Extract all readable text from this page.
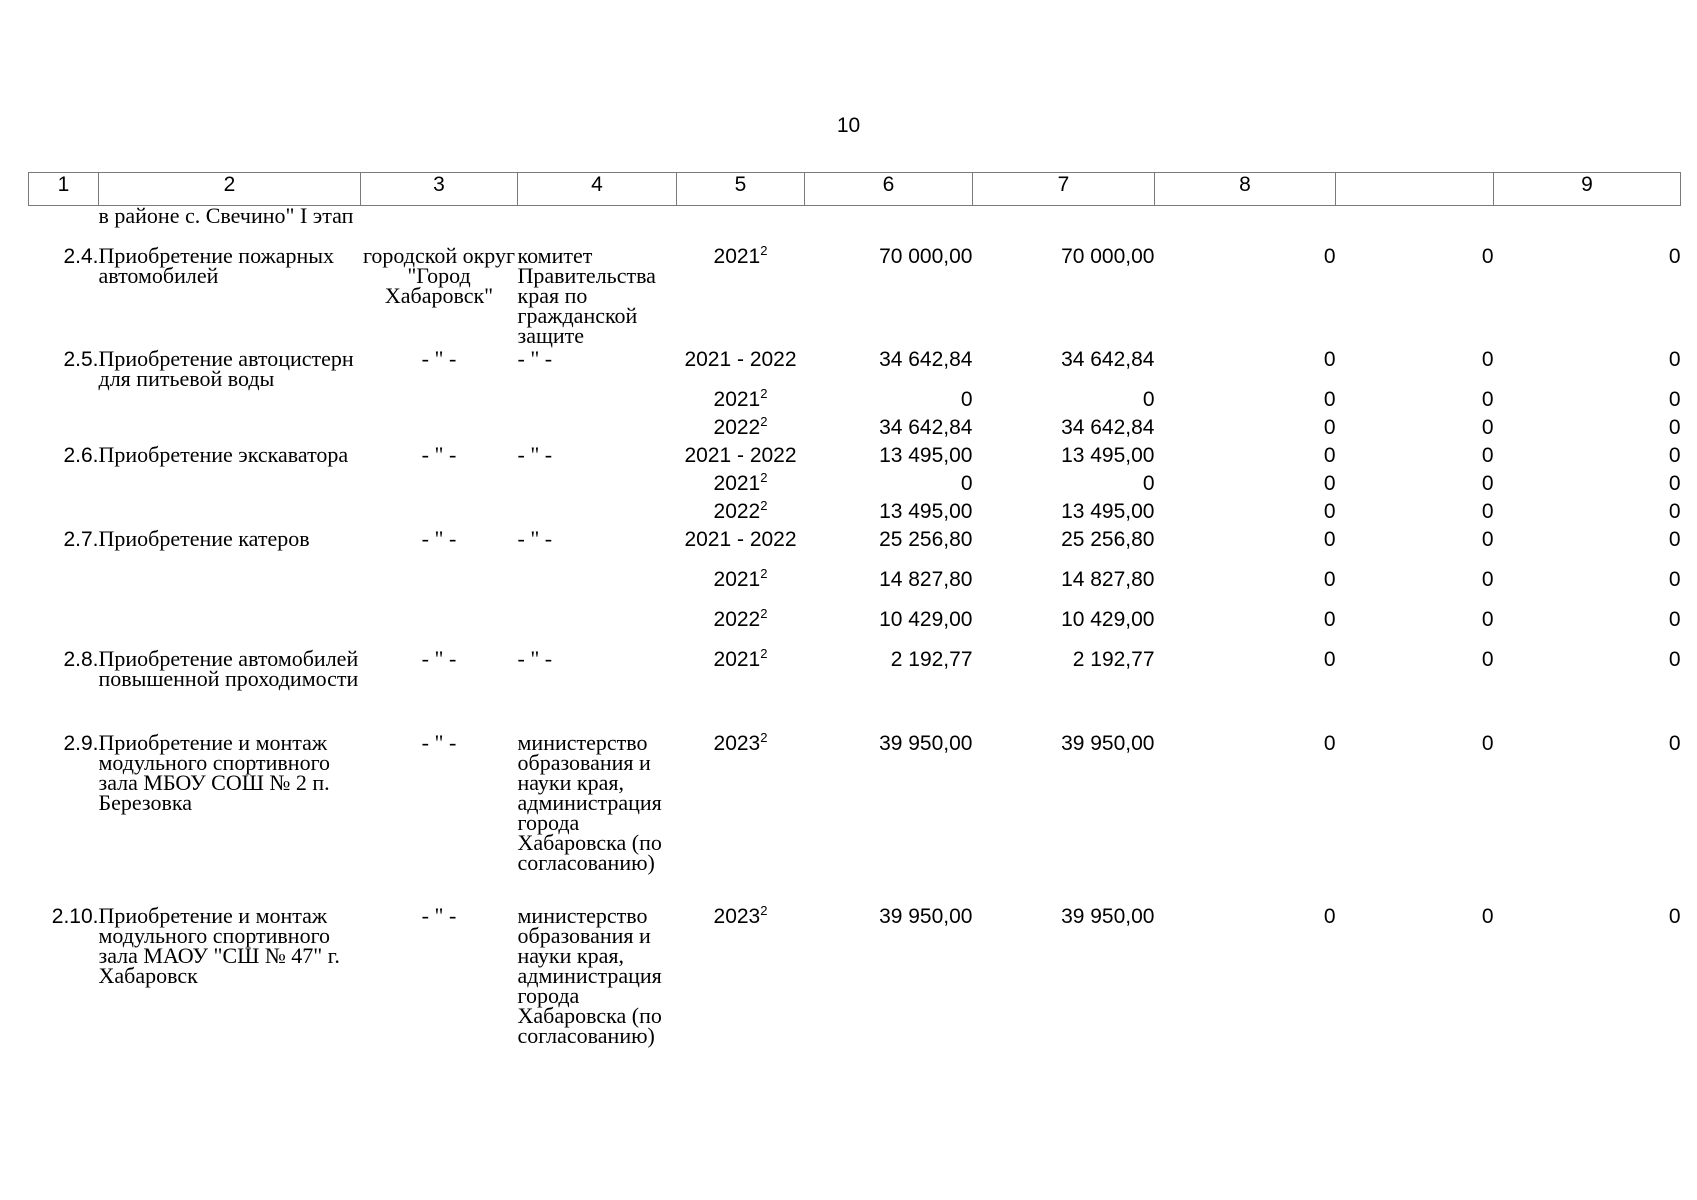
10
1	2	3	4	5	6	7	8		9
	в районе с. Свечино" I этап								
2.4.	Приобретение пожарных автомобилей	городской округ "Город Хабаровск"	комитет Правительства края по гражданской защите	2021$^2$	70 000,00	70 000,00	0	0	0
2.5.	Приобретение автоцистерн для питьевой воды	- " -	- " -	2021 - 2022	34 642,84	34 642,84	0	0	0
				2021$^2$	0	0	0	0	0
				2022$^2$	34 642,84	34 642,84	0	0	0
2.6.	Приобретение экскаватора	- " -	- " -	2021 - 2022	13 495,00	13 495,00	0	0	0
				2021$^2$	0	0	0	0	0
				2022$^2$	13 495,00	13 495,00	0	0	0
2.7.	Приобретение катеров	- " -	- " -	2021 - 2022	25 256,80	25 256,80	0	0	0
				2021$^2$	14 827,80	14 827,80	0	0	0
				2022$^2$	10 429,00	10 429,00	0	0	0
2.8.	Приобретение автомобилей повышенной проходимости	- " -	- " -	2021$^2$	2 192,77	2 192,77	0	0	0
2.9.	Приобретение и монтаж модульного спортивного зала МБОУ СОШ № 2 п. Березовка	- " -	министерство образования и науки края, администрация города Хабаровска (по согласованию)	2023$^2$	39 950,00	39 950,00	0	0	0
2.10.	Приобретение и монтаж модульного спортивного зала МАОУ "СШ № 47" г. Хабаровск	- " -	министерство образования и науки края, администрация города Хабаровска (по согласованию)	2023$^2$	39 950,00	39 950,00	0	0	0
